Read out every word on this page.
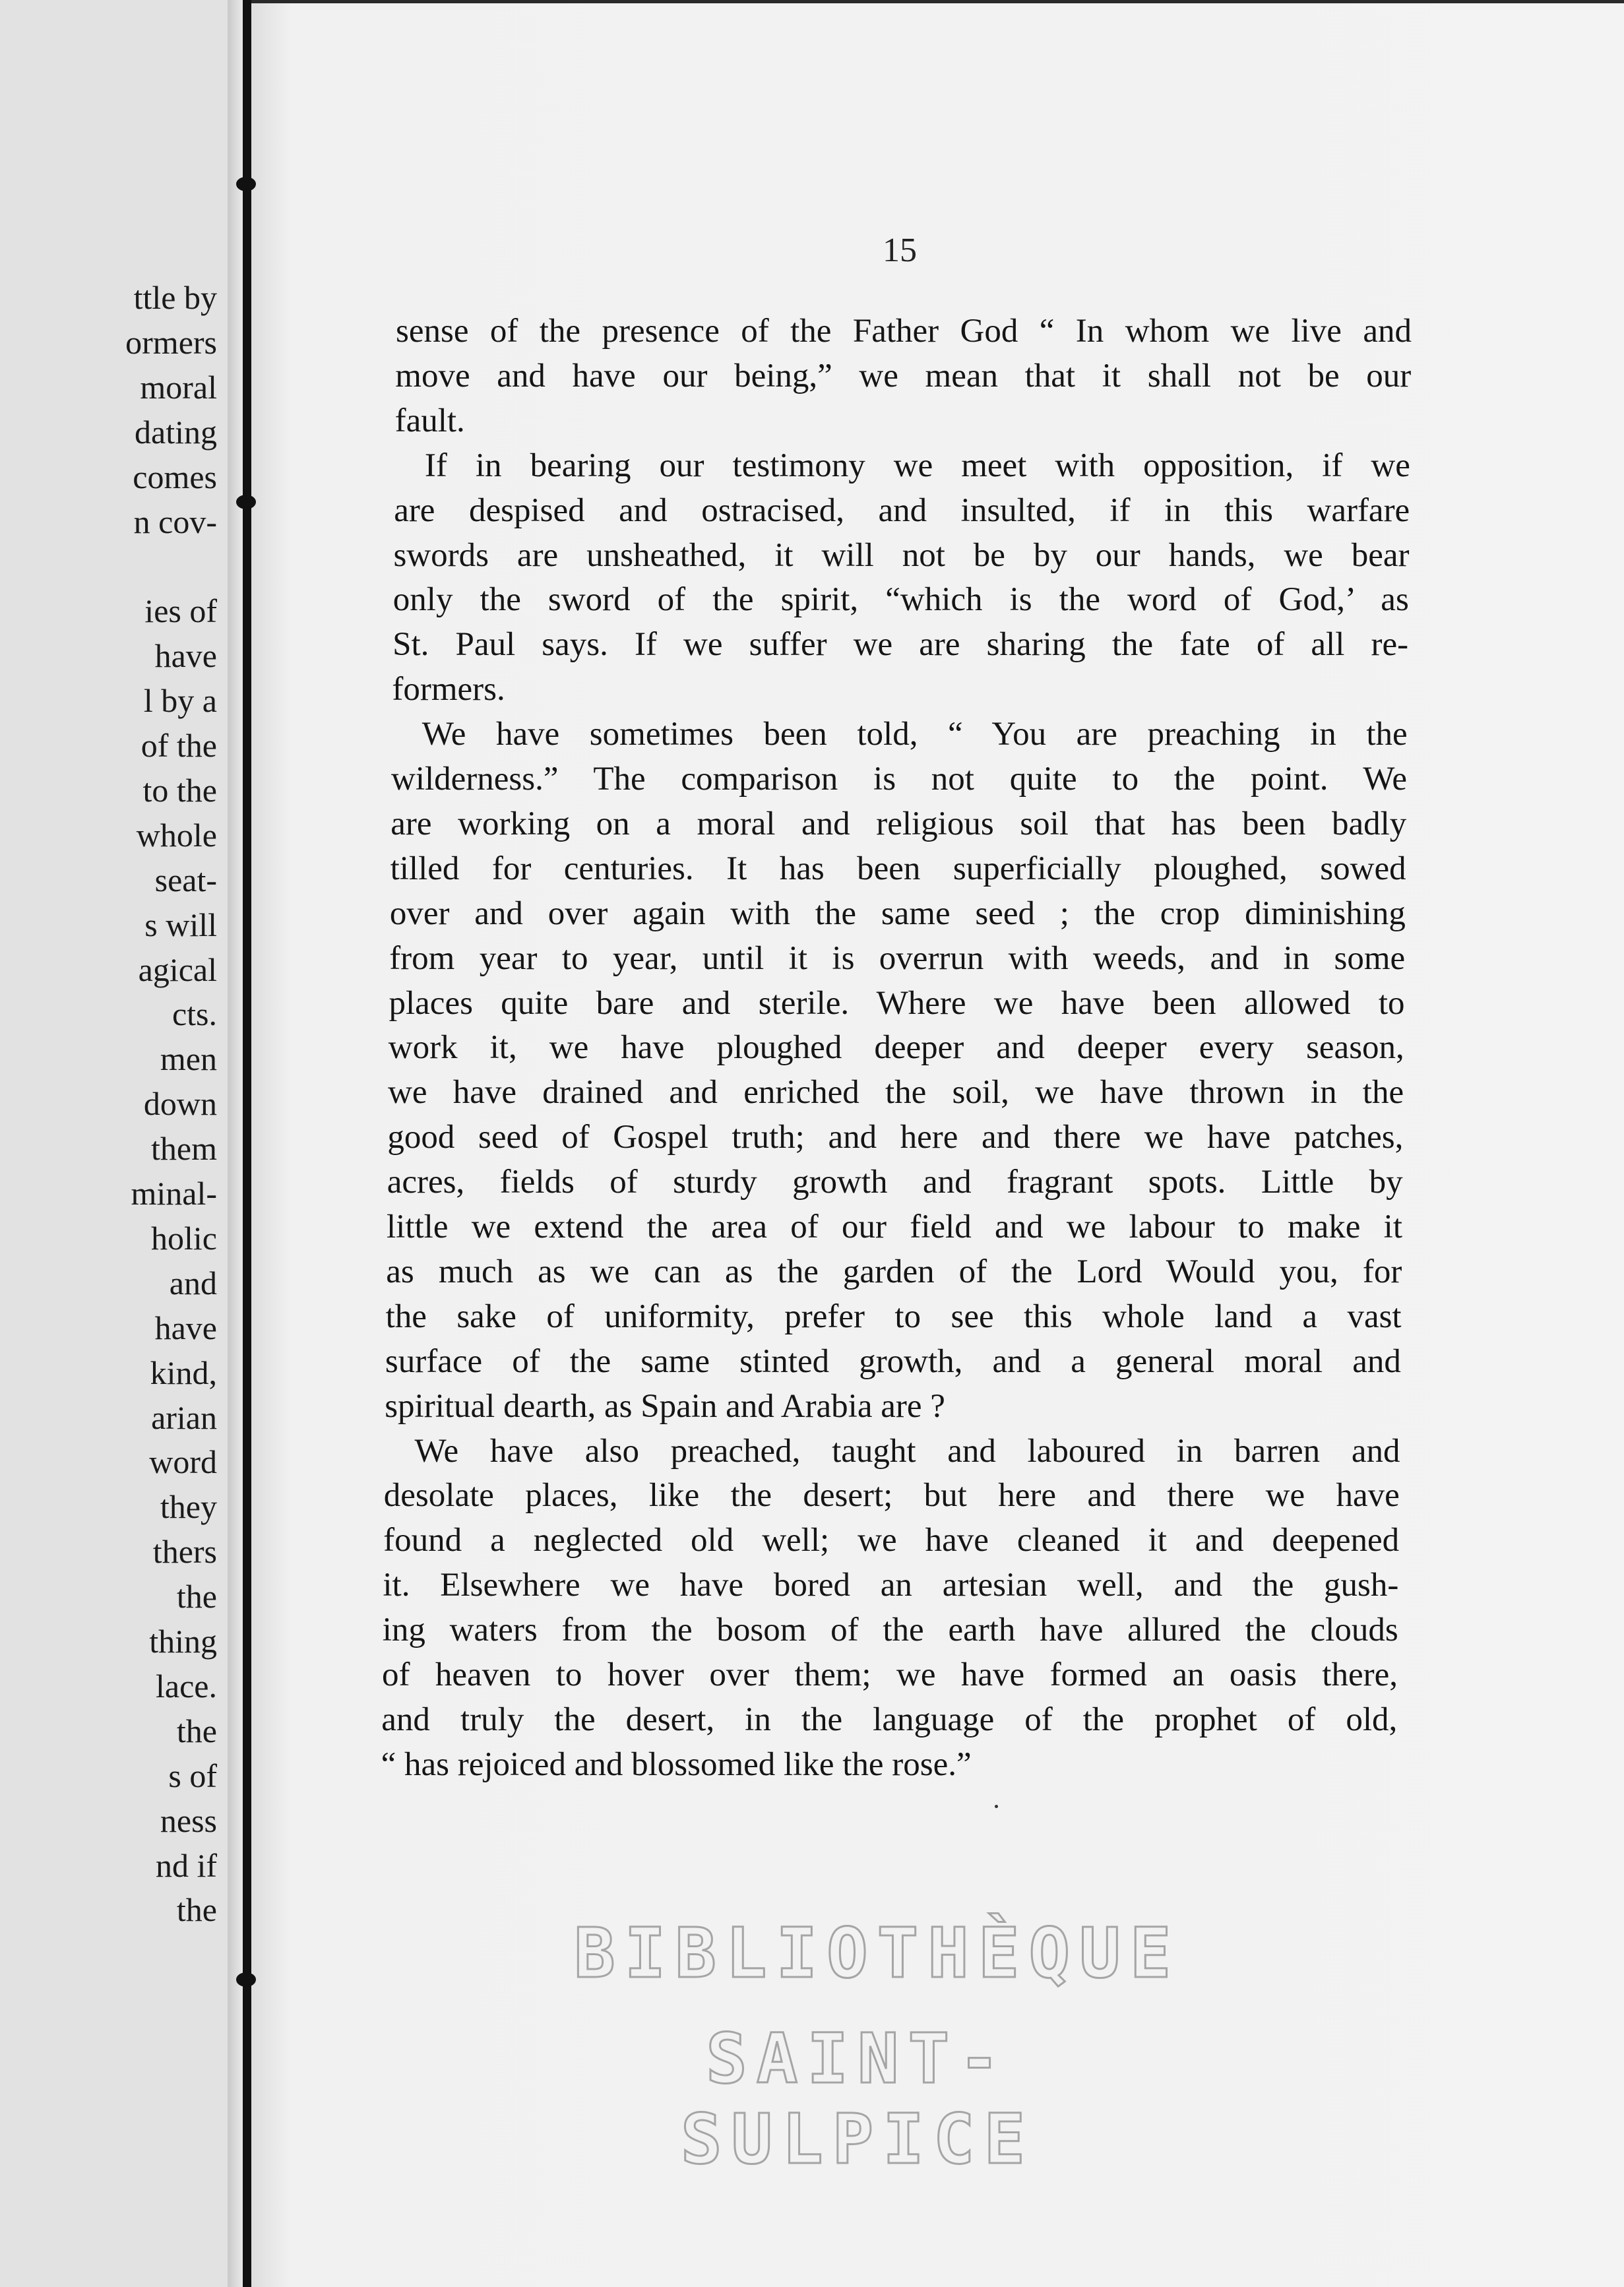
ttle by
ormers
moral
dating
comes
n cov-
ies of
have
l by a
of the
to the
whole
seat-
s will
agical
cts.
men
down
them
minal-
holic
and
have
kind,
arian
word
they
thers
the
thing
lace.
the
s of
ness
nd if
the
15
sense of the presence of the Father God “ In whom we live and
move and have our being,” we mean that it shall not be our
fault.
If in bearing our testimony we meet with opposition, if we
are despised and ostracised, and insulted, if in this warfare
swords are unsheathed, it will not be by our hands, we bear
only the sword of the spirit, “which is the word of God,’ as
St. Paul says. If we suffer we are sharing the fate of all re-
formers.
We have sometimes been told, “ You are preaching in the
wilderness.” The comparison is not quite to the point. We
are working on a moral and religious soil that has been badly
tilled for centuries. It has been superficially ploughed, sowed
over and over again with the same seed ; the crop diminishing
from year to year, until it is overrun with weeds, and in some
places quite bare and sterile. Where we have been allowed to
work it, we have ploughed deeper and deeper every season,
we have drained and enriched the soil, we have thrown in the
good seed of Gospel truth; and here and there we have patches,
acres, fields of sturdy growth and fragrant spots. Little by
little we extend the area of our field and we labour to make it
as much as we can as the garden of the Lord Would you, for
the sake of uniformity, prefer to see this whole land a vast
surface of the same stinted growth, and a general moral and
spiritual dearth, as Spain and Arabia are ?
We have also preached, taught and laboured in barren and
desolate places, like the desert; but here and there we have
found a neglected old well; we have cleaned it and deepened
it. Elsewhere we have bored an artesian well, and the gush-
ing waters from the bosom of the earth have allured the clouds
of heaven to hover over them; we have formed an oasis there,
and truly the desert, in the language of the prophet of old,
“ has rejoiced and blossomed like the rose.”
BIBLIOTHÈQUE
SAINT-SULPICE
